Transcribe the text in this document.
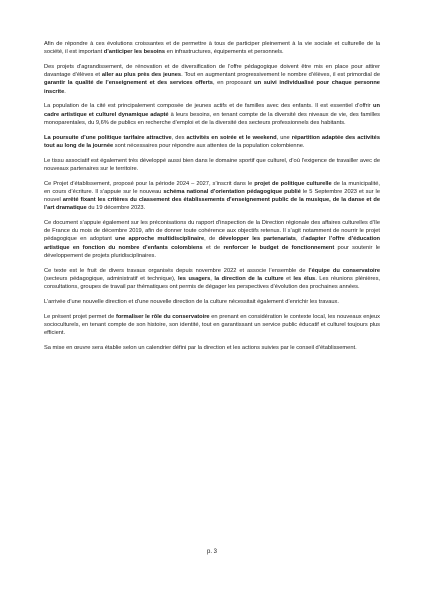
Afin de répondre à ces évolutions croissantes et de permettre à tous de participer pleinement à la vie sociale et culturelle de la société, il est important d’anticiper les besoins en infrastructures, équipements et personnels.

Des projets d’agrandissement, de rénovation et de diversification de l’offre pédagogique doivent être mis en place pour attirer davantage d’élèves et aller au plus près des jeunes. Tout en augmentant progressivement le nombre d’élèves, il est primordial de garantir la qualité de l’enseignement et des services offerts, en proposant un suivi individualisé pour chaque personne inscrite.

La population de la cité est principalement composée de jeunes actifs et de familles avec des enfants. Il est essentiel d’offrir un cadre artistique et culturel dynamique adapté à leurs besoins, en tenant compte de la diversité des niveaux de vie, des familles monoparentales, du 9,6% de publics en recherche d’emploi et de la diversité des secteurs professionnels des habitants.

La poursuite d’une politique tarifaire attractive, des activités en soirée et le weekend, une répartition adaptée des activités tout au long de la journée sont nécessaires pour répondre aux attentes de la population colombienne.

Le tissu associatif est également très développé aussi bien dans le domaine sportif que culturel, d’où l’exigence de travailler avec de nouveaux partenaires sur le territoire.

Ce Projet d’établissement, proposé pour la période 2024 – 2027, s’inscrit dans le projet de politique culturelle de la municipalité, en cours d’écriture. Il s’appuie sur le nouveau schéma national d’orientation pédagogique publié le 5 Septembre 2023 et sur le nouvel arrêté fixant les critères du classement des établissements d’enseignement public de la musique, de la danse et de l’art dramatique du 19 décembre 2023.

Ce document s’appuie également sur les préconisations du rapport d’inspection de la Direction régionale des affaires culturelles d’Ile de France du mois de décembre 2019, afin de donner toute cohérence aux objectifs retenus. Il s’agit notamment de nourrir le projet pédagogique en adoptant une approche multidisciplinaire, de développer les partenariats, d’adapter l’offre d’éducation artistique en fonction du nombre d’enfants colombiens et de renforcer le budget de fonctionnement pour soutenir le développement de projets pluridisciplinaires.

Ce texte est le fruit de divers travaux organisés depuis novembre 2022 et associe l’ensemble de l’équipe du conservatoire (secteurs pédagogique, administratif et technique), les usagers, la direction de la culture et les élus. Les réunions plénières, consultations, groupes de travail par thématiques ont permis de dégager les perspectives d’évolution des prochaines années.

L’arrivée d’une nouvelle direction et d’une nouvelle direction de la culture nécessitait également d’enrichir les travaux.

Le présent projet permet de formaliser le rôle du conservatoire en prenant en considération le contexte local, les nouveaux enjeux socioculturels, en tenant compte de son histoire, son identité, tout en garantissant un service public éducatif et culturel toujours plus efficient.

Sa mise en œuvre sera établie selon un calendrier défini par la direction et les actions suivies par le conseil d’établissement.

p. 3
